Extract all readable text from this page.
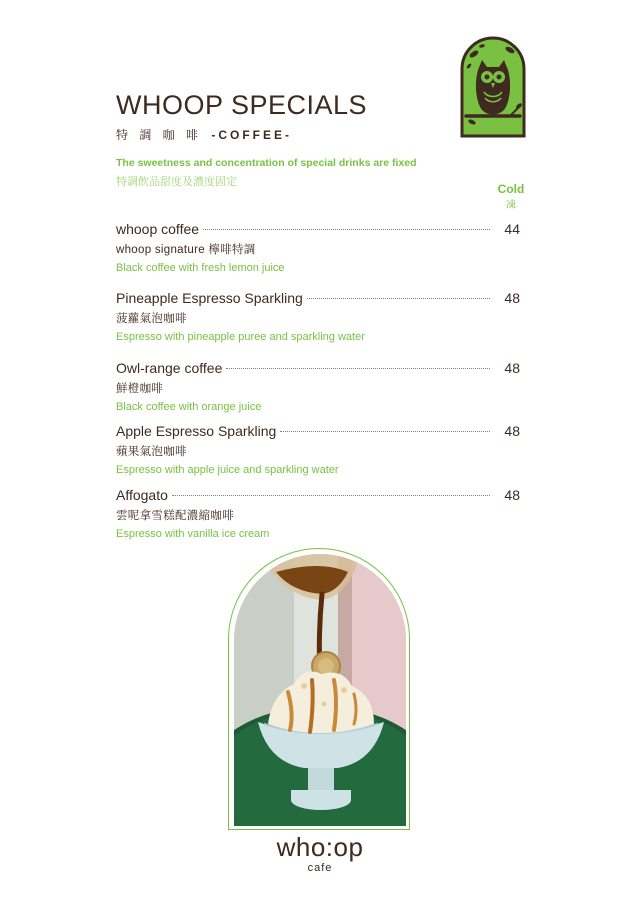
WHOOP SPECIALS
特 調 咖 啡 -COFFEE-
The sweetness and concentration of special drinks are fixed
特調飲品甜度及濃度固定	Cold
凍
whoop coffee	44
whoop signature 檸啡特調
Black coffee with fresh lemon juice
Pineapple Espresso Sparkling	48
菠蘿氣泡咖啡
Espresso with pineapple puree and sparkling water
Owl-range coffee	48
鮮橙咖啡
Black coffee with orange juice
Apple Espresso Sparkling	48
蘋果氣泡咖啡
Espresso with apple juice and sparkling water
Affogato	48
雲呢拿雪糕配濃縮咖啡
Espresso with vanilla ice cream
who:op
cafe
